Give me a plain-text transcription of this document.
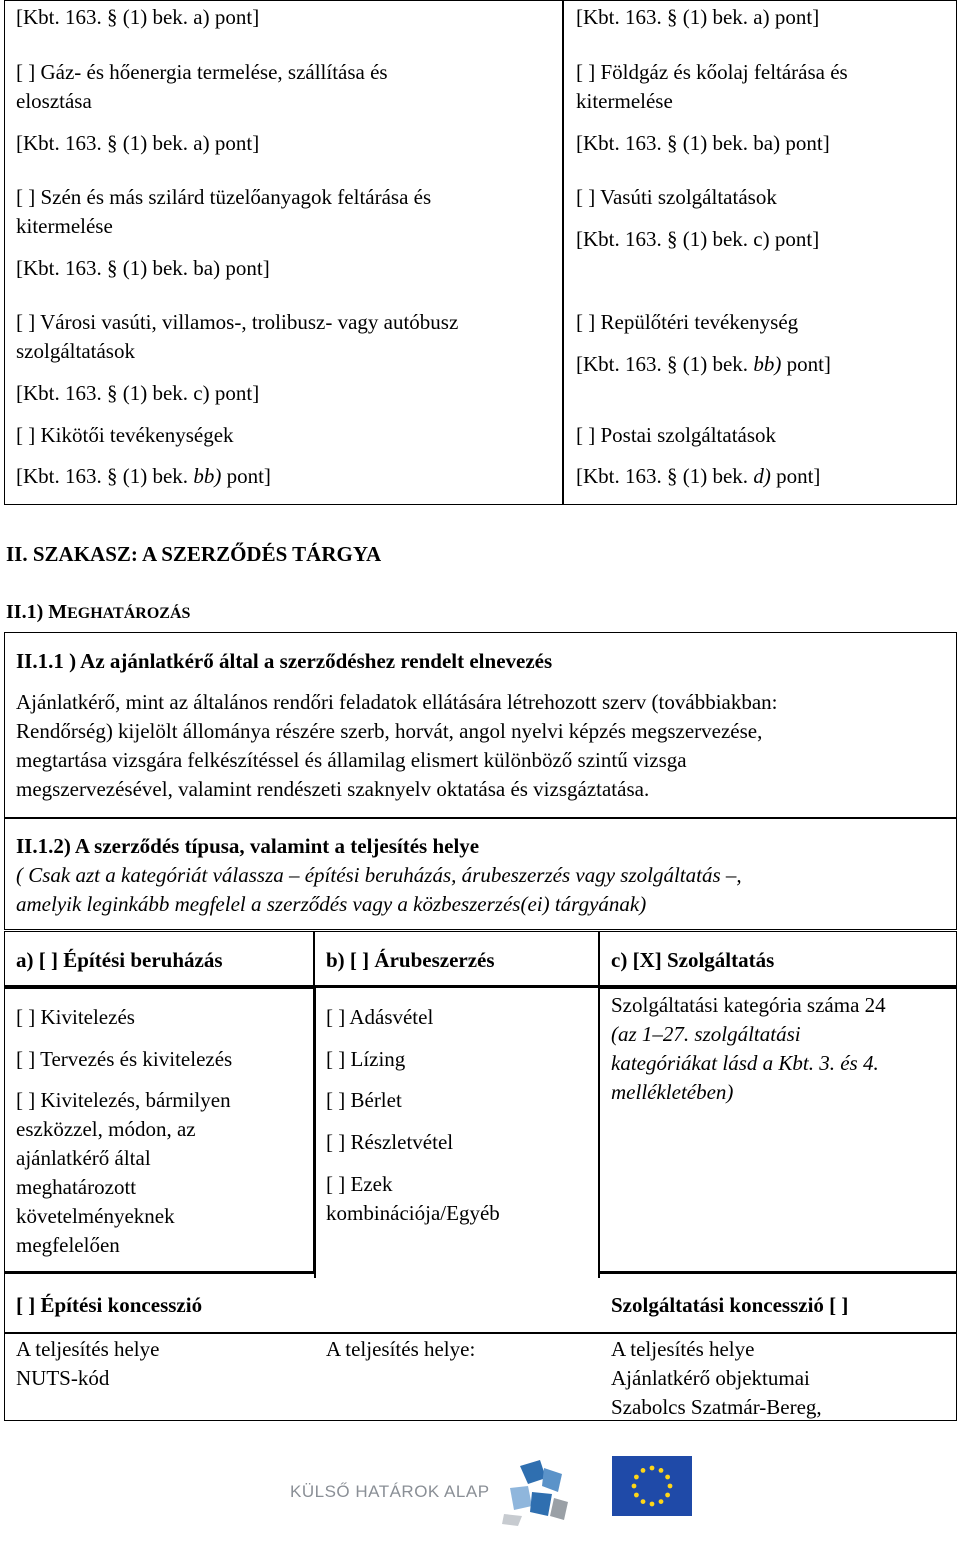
[Kbt. 163. § (1) bek. a) pont]
[ ] Gáz- és hőenergia termelése, szállítása és
elosztása
[Kbt. 163. § (1) bek. a) pont]
[ ] Szén és más szilárd tüzelőanyagok feltárása és
kitermelése
[Kbt. 163. § (1) bek. ba) pont]
[ ] Városi vasúti, villamos-, trolibusz- vagy autóbusz
szolgáltatások
[Kbt. 163. § (1) bek. c) pont]
[ ] Kikötői tevékenységek
[Kbt. 163. § (1) bek. bb) pont]
[Kbt. 163. § (1) bek. a) pont]
[ ] Földgáz és kőolaj feltárása és
kitermelése
[Kbt. 163. § (1) bek. ba) pont]
[ ] Vasúti szolgáltatások
[Kbt. 163. § (1) bek. c) pont]
[ ] Repülőtéri tevékenység
[Kbt. 163. § (1) bek. bb) pont]
[ ] Postai szolgáltatások
[Kbt. 163. § (1) bek. d) pont]
II. SZAKASZ: A SZERZŐDÉS TÁRGYA
II.1) MEGHATÁROZÁS
II.1.1 ) Az ajánlatkérő által a szerződéshez rendelt elnevezés
Ajánlatkérő, mint az általános rendőri feladatok ellátására létrehozott szerv (továbbiakban:
Rendőrség) kijelölt állománya részére szerb, horvát, angol nyelvi képzés megszervezése,
megtartása vizsgára felkészítéssel és államilag elismert különböző szintű vizsga
megszervezésével, valamint rendészeti szaknyelv oktatása és vizsgáztatása.
II.1.2) A szerződés típusa, valamint a teljesítés helye
( Csak azt a kategóriát válassza – építési beruházás, árubeszerzés vagy szolgáltatás –,
amelyik leginkább megfelel a szerződés vagy a közbeszerzés(ei) tárgyának)
a) [ ] Építési beruházás
[ ] Kivitelezés
[ ] Tervezés és kivitelezés
[ ] Kivitelezés, bármilyen
eszközzel, módon, az
ajánlatkérő által
meghatározott
követelményeknek
megfelelően
[ ] Építési koncesszió
A teljesítés helye
NUTS-kód
b) [ ] Árubeszerzés
[ ] Adásvétel
[ ] Lízing
[ ] Bérlet
[ ] Részletvétel
[ ] Ezek
kombinációja/Egyéb
A teljesítés helye:
c) [X] Szolgáltatás
Szolgáltatási kategória száma 24
(az 1–27. szolgáltatási
kategóriákat lásd a Kbt. 3. és 4.
mellékletében)
Szolgáltatási koncesszió [ ]
A teljesítés helye
Ajánlatkérő objektumai
Szabolcs Szatmár-Bereg,
KÜLSŐ HATÁROK ALAP
